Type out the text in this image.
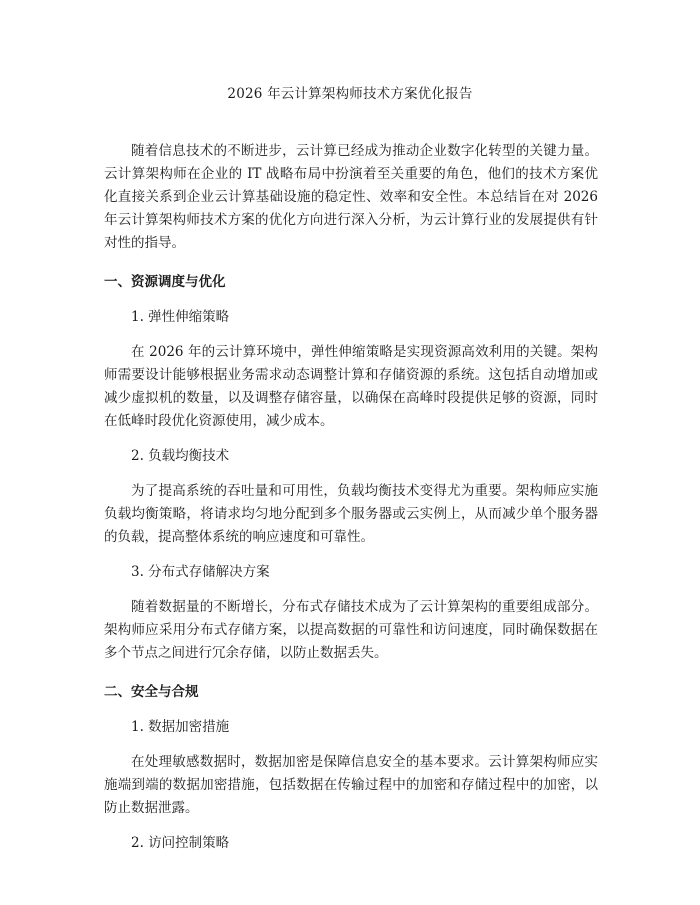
2026 年云计算架构师技术方案优化报告

随着信息技术的不断进步，云计算已经成为推动企业数字化转型的关键力量。云计算架构师在企业的 IT 战略布局中扮演着至关重要的角色，他们的技术方案优化直接关系到企业云计算基础设施的稳定性、效率和安全性。本总结旨在对 2026 年云计算架构师技术方案的优化方向进行深入分析，为云计算行业的发展提供有针对性的指导。

一、资源调度与优化

1. 弹性伸缩策略

在 2026 年的云计算环境中，弹性伸缩策略是实现资源高效利用的关键。架构师需要设计能够根据业务需求动态调整计算和存储资源的系统。这包括自动增加或减少虚拟机的数量，以及调整存储容量，以确保在高峰时段提供足够的资源，同时在低峰时段优化资源使用，减少成本。

2. 负载均衡技术

为了提高系统的吞吐量和可用性，负载均衡技术变得尤为重要。架构师应实施负载均衡策略，将请求均匀地分配到多个服务器或云实例上，从而减少单个服务器的负载，提高整体系统的响应速度和可靠性。

3. 分布式存储解决方案

随着数据量的不断增长，分布式存储技术成为了云计算架构的重要组成部分。架构师应采用分布式存储方案，以提高数据的可靠性和访问速度，同时确保数据在多个节点之间进行冗余存储，以防止数据丢失。

二、安全与合规

1. 数据加密措施

在处理敏感数据时，数据加密是保障信息安全的基本要求。云计算架构师应实施端到端的数据加密措施，包括数据在传输过程中的加密和存储过程中的加密，以防止数据泄露。

2. 访问控制策略
